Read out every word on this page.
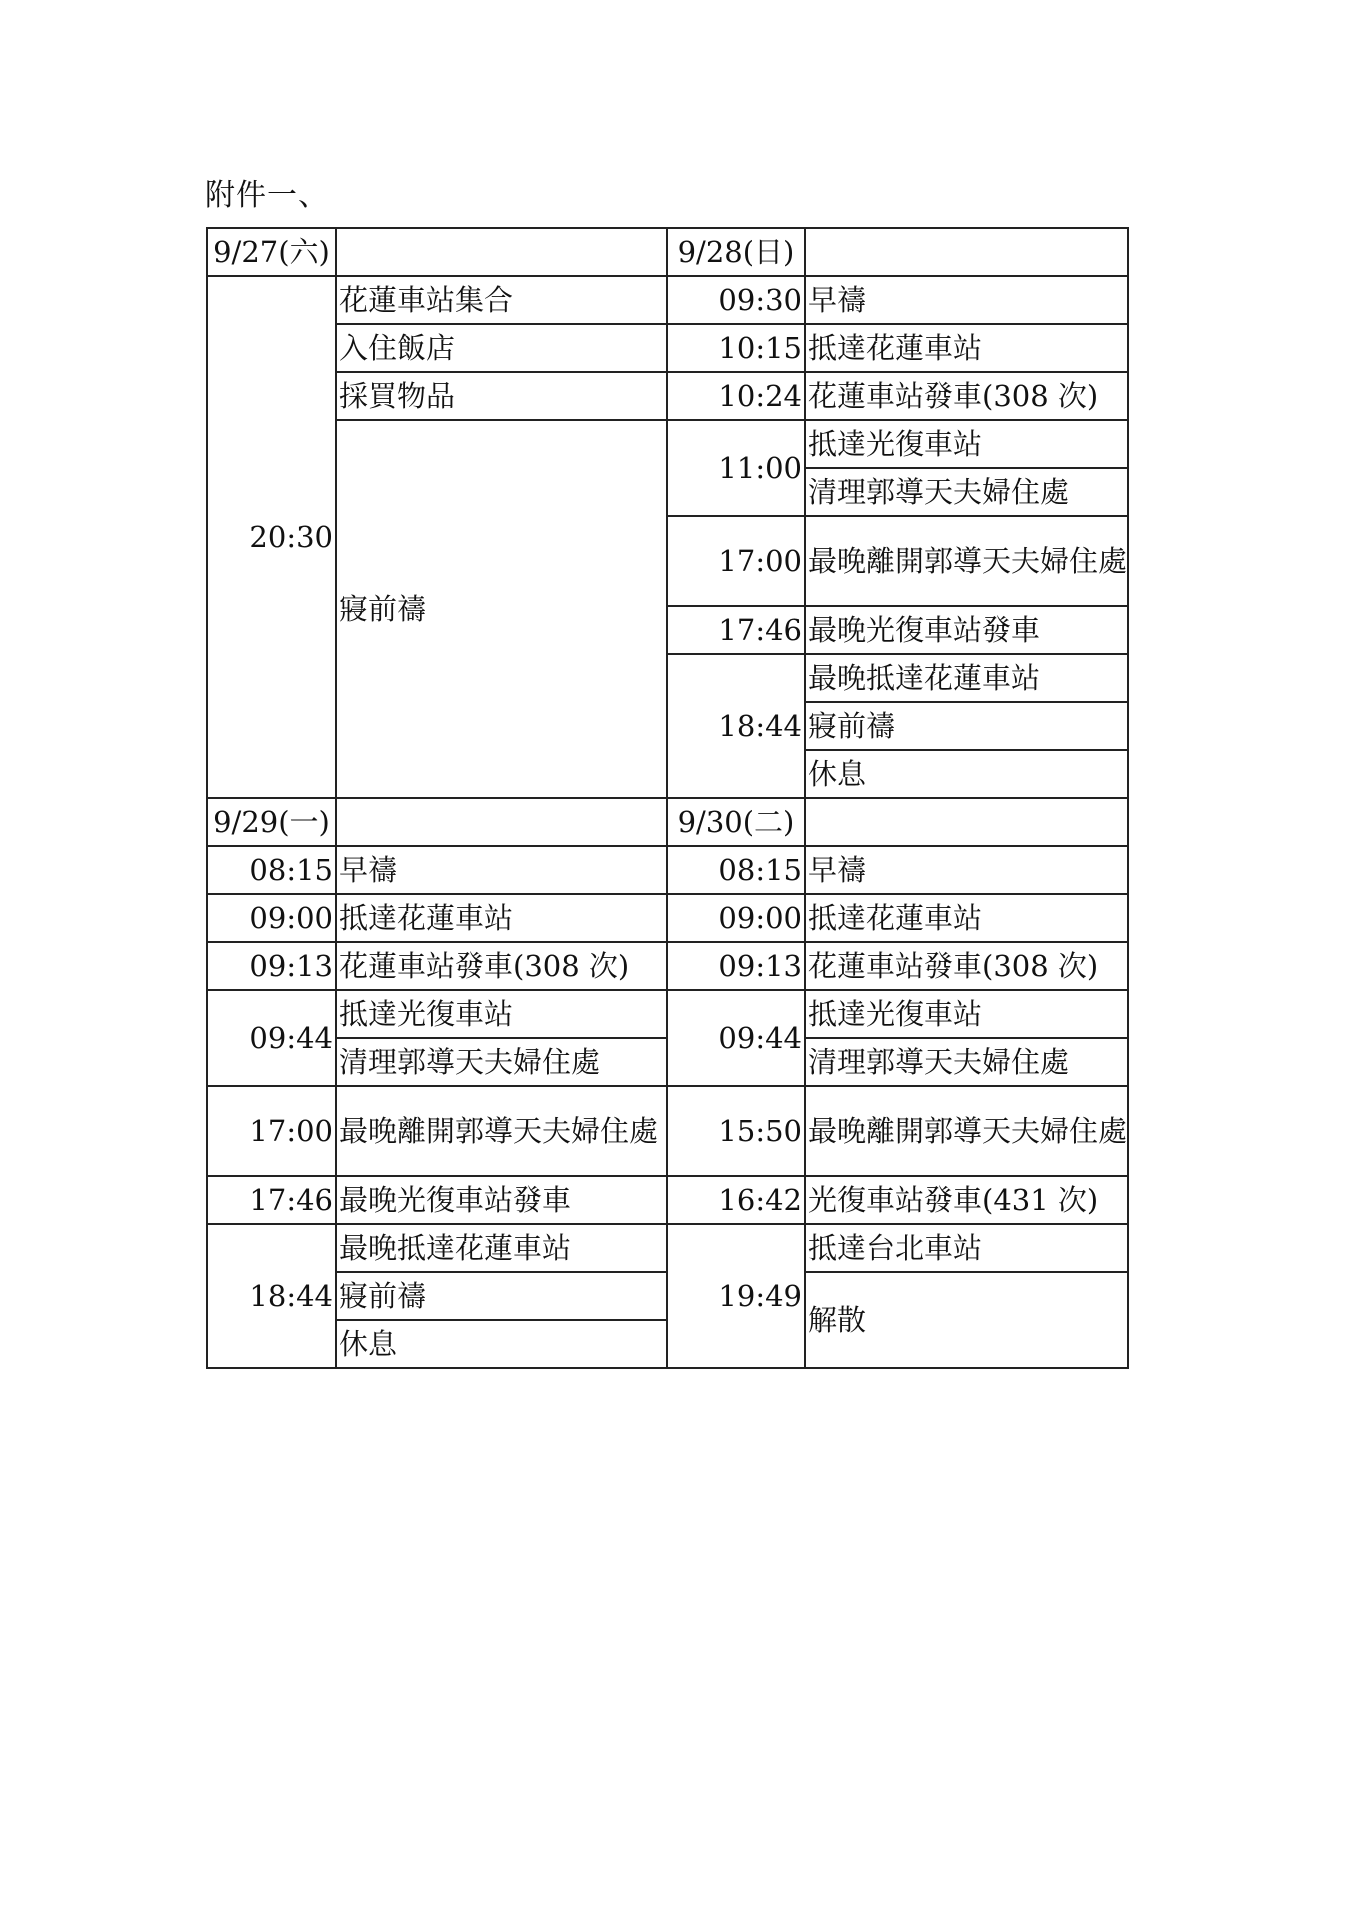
附件一、
9/27(六)		9/28(日)	
20:30	花蓮車站集合	09:30	早禱
	入住飯店	10:15	抵達花蓮車站
	採買物品	10:24	花蓮車站發車(308 次)
	寢前禱	11:00	抵達光復車站
			清理郭導天夫婦住處
		17:00	最晚離開郭導天夫婦住處
		17:46	最晚光復車站發車
		18:44	最晚抵達花蓮車站
			寢前禱
			休息
9/29(一)		9/30(二)	
08:15	早禱	08:15	早禱
09:00	抵達花蓮車站	09:00	抵達花蓮車站
09:13	花蓮車站發車(308 次)	09:13	花蓮車站發車(308 次)
09:44	抵達光復車站	09:44	抵達光復車站
	清理郭導天夫婦住處		清理郭導天夫婦住處
17:00	最晚離開郭導天夫婦住處	15:50	最晚離開郭導天夫婦住處
17:46	最晚光復車站發車	16:42	光復車站發車(431 次)
18:44	最晚抵達花蓮車站	19:49	抵達台北車站
	寢前禱		解散
	休息		
